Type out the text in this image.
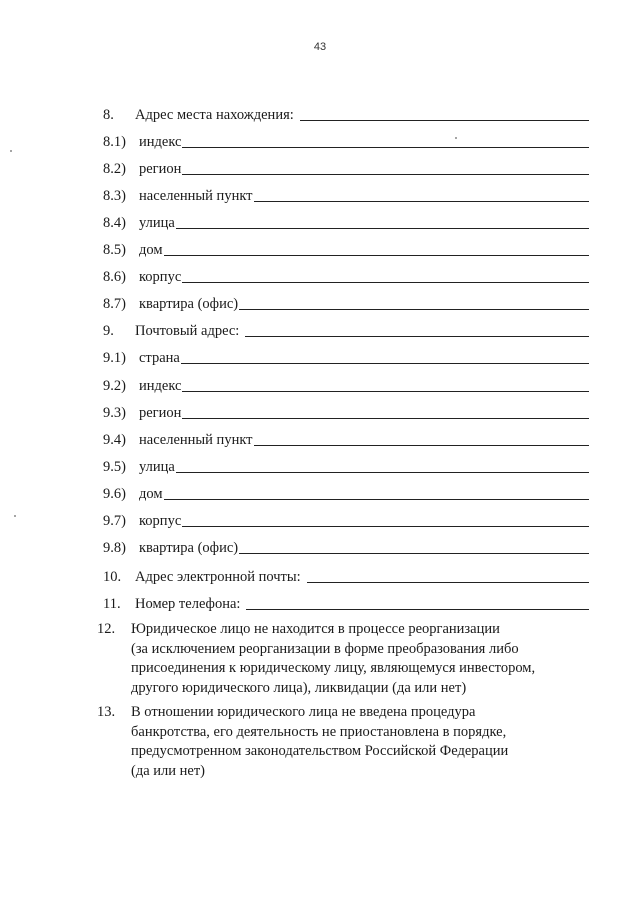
43
8.	Адрес места нахождения:
8.1) индекс
8.2) регион
8.3) населенный пункт
8.4) улица
8.5) дом
8.6) корпус
8.7) квартира (офис)
9.	Почтовый адрес:
9.1) страна
9.2) индекс
9.3) регион
9.4) населенный пункт
9.5) улица
9.6) дом
9.7) корпус
9.8) квартира (офис)
10. Адрес электронной почты:
11. Номер телефона:
12.	Юридическое лицо не находится в процессе реорганизации
(за исключением реорганизации в форме преобразования либо
присоединения к юридическому лицу, являющемуся инвестором,
другого юридического лица), ликвидации (да или нет)
13.	В отношении юридического лица не введена процедура
банкротства, его деятельность не приостановлена в порядке,
предусмотренном законодательством Российской Федерации
(да или нет)
